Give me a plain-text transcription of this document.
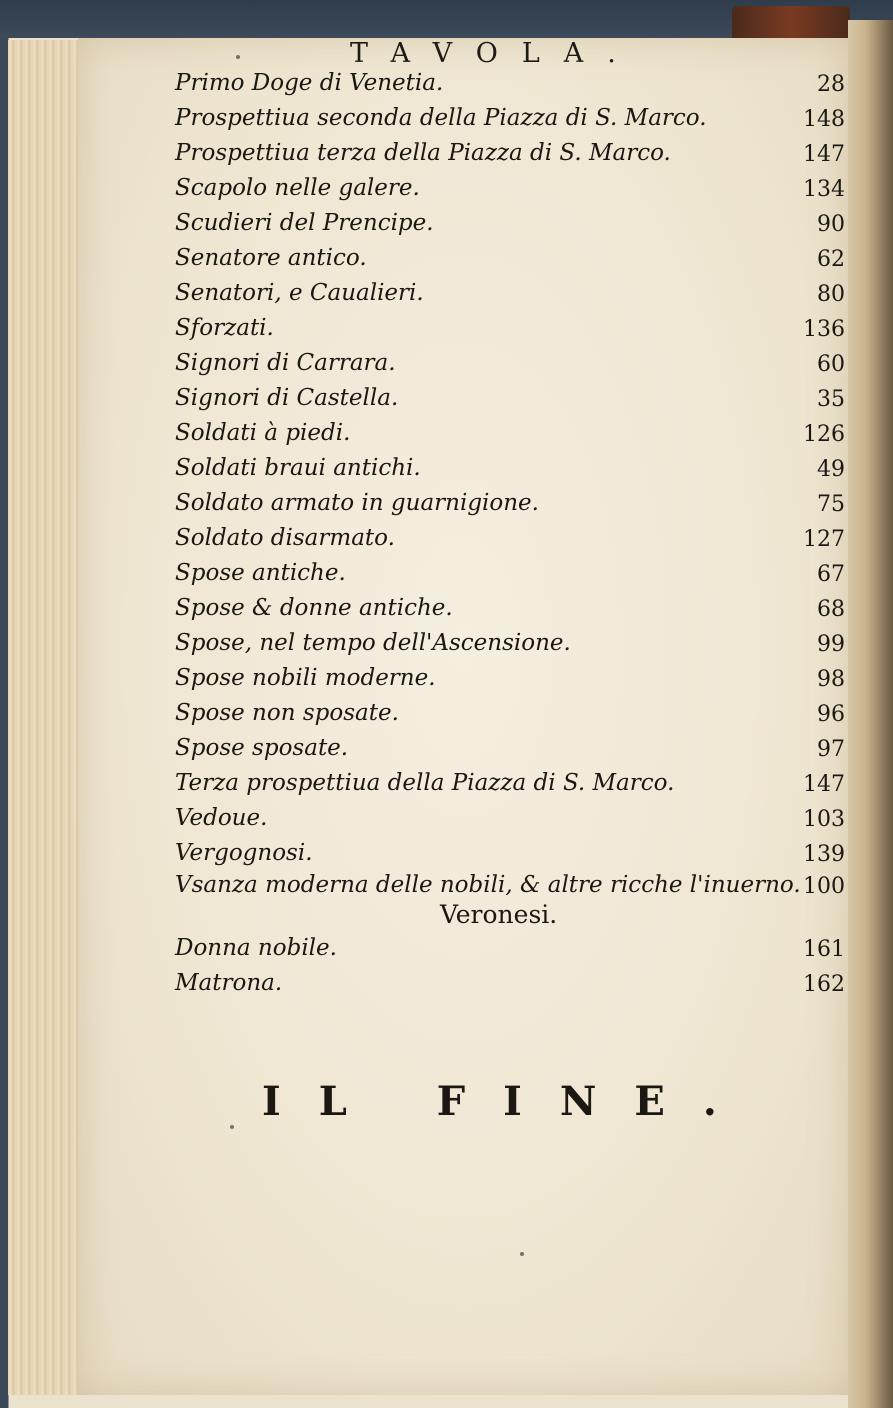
TAVOLA.
Primo Doge di Venetia.	28
Prospettiua seconda della Piazza di S. Marco.	148
Prospettiua terza della Piazza di S. Marco.	147
Scapolo nelle galere.	134
Scudieri del Prencipe.	90
Senatore antico.	62
Senatori, e Caualieri.	80
Sforzati.	136
Signori di Carrara.	60
Signori di Castella.	35
Soldati à piedi.	126
Soldati braui antichi.	49
Soldato armato in guarnigione.	75
Soldato disarmato.	127
Spose antiche.	67
Spose & donne antiche.	68
Spose, nel tempo dell'Ascensione.	99
Spose nobili moderne.	98
Spose non sposate.	96
Spose sposate.	97
Terza prospettiua della Piazza di S. Marco.	147
Vedoue.	103
Vergognosi.	139
Vsanza moderna delle nobili, & altre ricche l'inuerno. 100
Donna nobile.	161
Matrona.	162
Veronesi.
IL FINE.
